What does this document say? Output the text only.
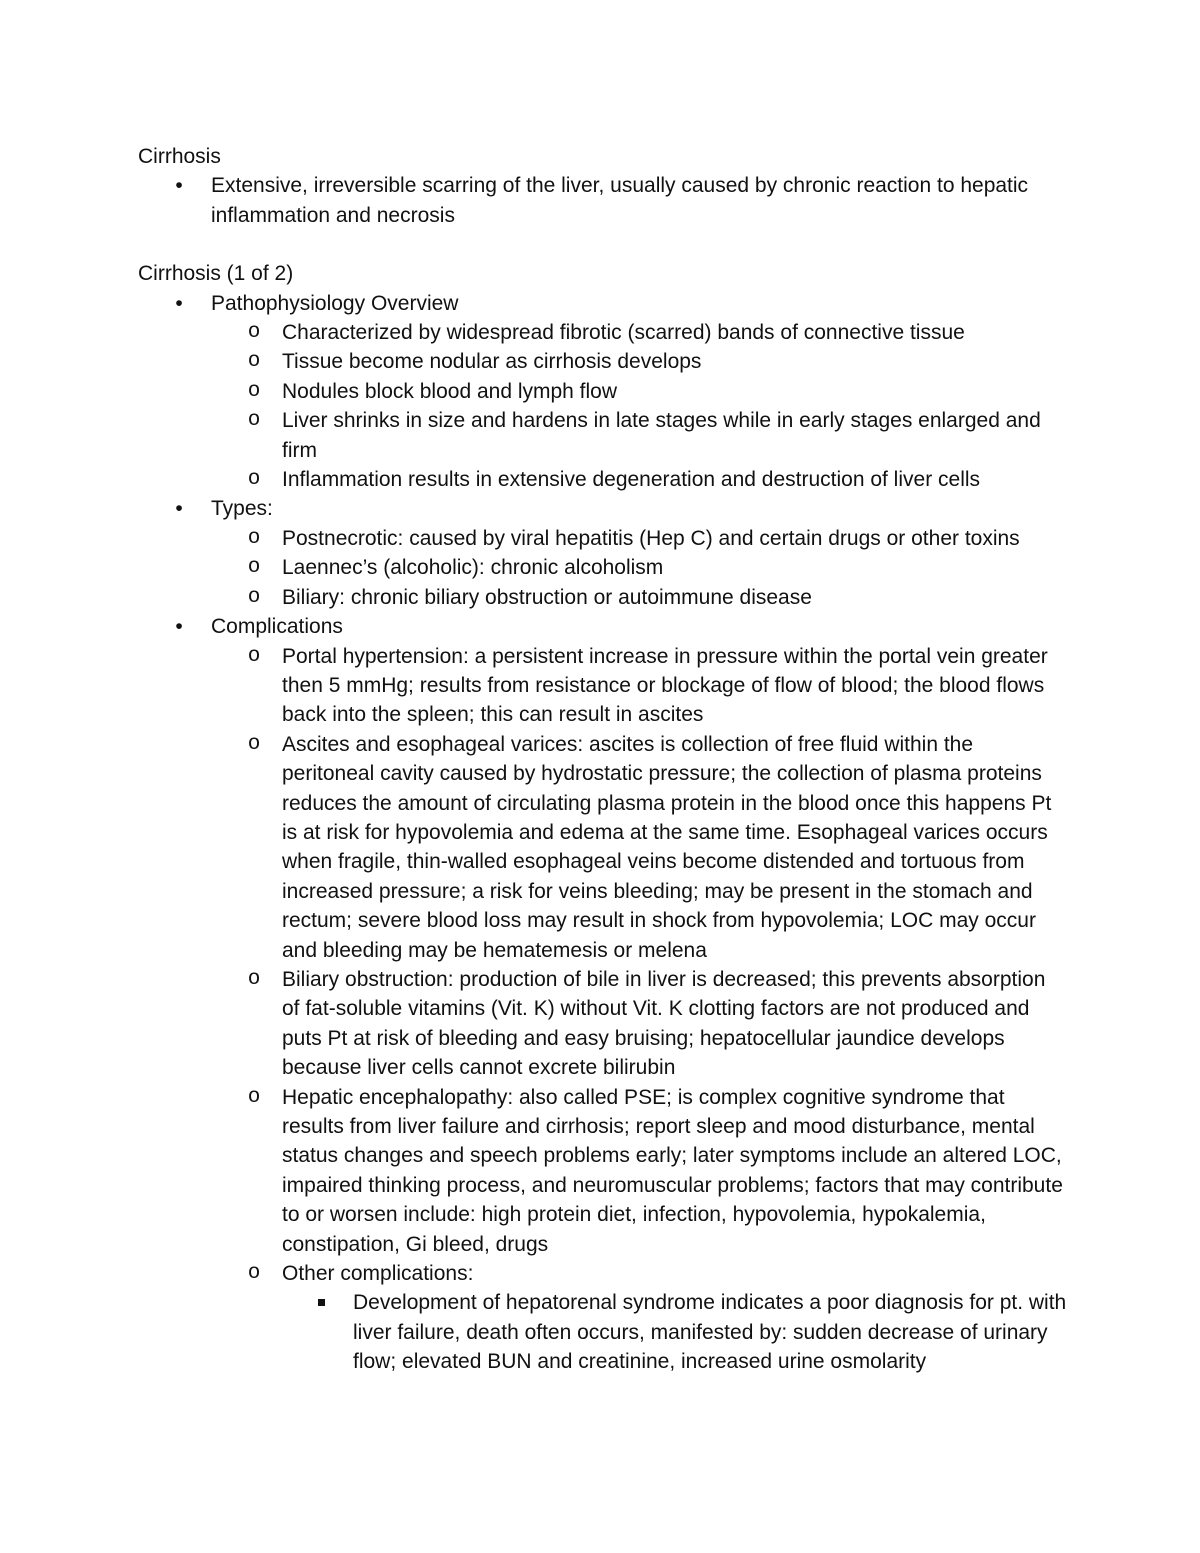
Cirrhosis

• Extensive, irreversible scarring of the liver, usually caused by chronic reaction to hepatic inflammation and necrosis

Cirrhosis (1 of 2)

• Pathophysiology Overview
o Characterized by widespread fibrotic (scarred) bands of connective tissue
o Tissue become nodular as cirrhosis develops
o Nodules block blood and lymph flow
o Liver shrinks in size and hardens in late stages while in early stages enlarged and firm
o Inflammation results in extensive degeneration and destruction of liver cells
• Types:
o Postnecrotic: caused by viral hepatitis (Hep C) and certain drugs or other toxins
o Laennec’s (alcoholic): chronic alcoholism
o Biliary: chronic biliary obstruction or autoimmune disease
• Complications
o Portal hypertension: a persistent increase in pressure within the portal vein greater then 5 mmHg; results from resistance or blockage of flow of blood; the blood flows back into the spleen; this can result in ascites
o Ascites and esophageal varices: ascites is collection of free fluid within the peritoneal cavity caused by hydrostatic pressure; the collection of plasma proteins reduces the amount of circulating plasma protein in the blood once this happens Pt is at risk for hypovolemia and edema at the same time. Esophageal varices occurs when fragile, thin-walled esophageal veins become distended and tortuous from increased pressure; a risk for veins bleeding; may be present in the stomach and rectum; severe blood loss may result in shock from hypovolemia; LOC may occur and bleeding may be hematemesis or melena
o Biliary obstruction: production of bile in liver is decreased; this prevents absorption of fat-soluble vitamins (Vit. K) without Vit. K clotting factors are not produced and puts Pt at risk of bleeding and easy bruising; hepatocellular jaundice develops because liver cells cannot excrete bilirubin
o Hepatic encephalopathy: also called PSE; is complex cognitive syndrome that results from liver failure and cirrhosis; report sleep and mood disturbance, mental status changes and speech problems early; later symptoms include an altered LOC, impaired thinking process, and neuromuscular problems; factors that may contribute to or worsen include: high protein diet, infection, hypovolemia, hypokalemia, constipation, Gi bleed, drugs
o Other complications:
Development of hepatorenal syndrome indicates a poor diagnosis for pt. with liver failure, death often occurs, manifested by: sudden decrease of urinary flow; elevated BUN and creatinine, increased urine osmolarity
